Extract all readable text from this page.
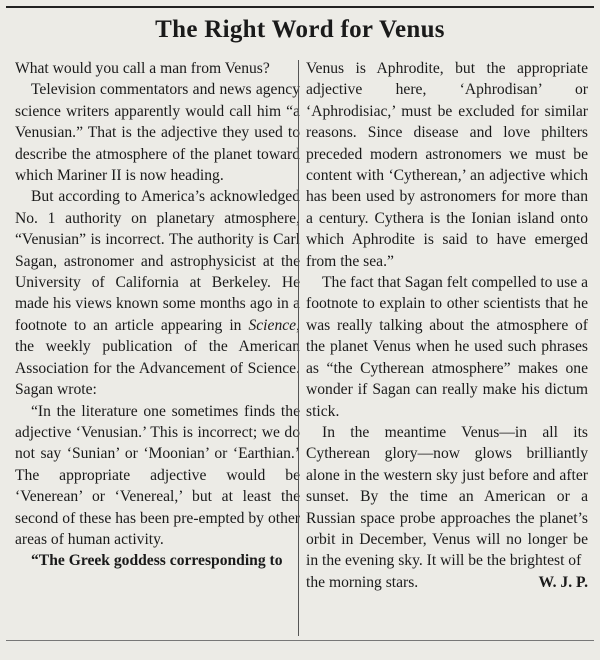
The Right Word for Venus

What would you call a man from Venus?

Television commentators and news agency science writers apparently would call him “a Venusian.” That is the adjective they used to describe the atmosphere of the planet toward which Mariner II is now heading.

But according to America’s acknowledged No. 1 authority on planetary atmosphere, “Venusian” is incorrect. The authority is Carl Sagan, astronomer and astrophysicist at the University of California at Berkeley. He made his views known some months ago in a footnote to an article appearing in Science, the weekly publication of the American Association for the Advancement of Science. Sagan wrote:

“In the literature one sometimes finds the adjective ‘Venusian.’ This is incorrect; we do not say ‘Sunian’ or ‘Moonian’ or ‘Earthian.’ The appropriate adjective would be ‘Venerean’ or ‘Venereal,’ but at least the second of these has been pre-empted by other areas of human activity.

“The Greek goddess corresponding to

Venus is Aphrodite, but the appropriate adjective here, ‘Aphrodisan’ or ‘Aphrodisiac,’ must be excluded for similar reasons. Since disease and love philters preceded modern astronomers we must be content with ‘Cytherean,’ an adjective which has been used by astronomers for more than a century. Cythera is the Ionian island onto which Aphrodite is said to have emerged from the sea.”

The fact that Sagan felt compelled to use a footnote to explain to other scientists that he was really talking about the atmosphere of the planet Venus when he used such phrases as “the Cytherean atmosphere” makes one wonder if Sagan can really make his dictum stick.

In the meantime Venus—in all its Cytherean glory—now glows brilliantly alone in the western sky just before and after sunset. By the time an American or a Russian space probe approaches the planet’s orbit in December, Venus will no longer be in the evening sky. It will be the brightest of

the morning stars.	W. J. P.
